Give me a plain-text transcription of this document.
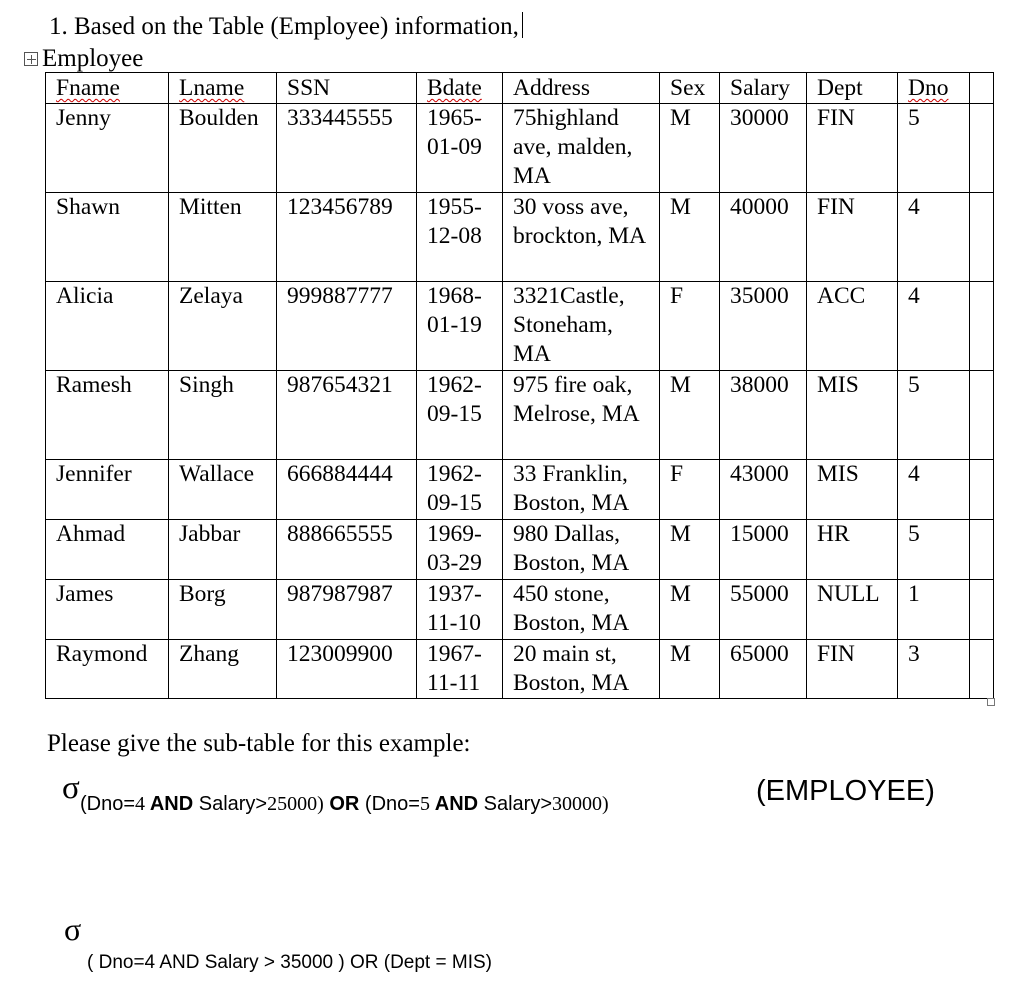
1. Based on the Table (Employee) information,
Employee
Fname	Lname	SSN	Bdate	Address	Sex	Salary	Dept	Dno	
Jenny	Boulden	333445555	1965-01-09	75highland ave, malden, MA	M	30000	FIN	5	
Shawn	Mitten	123456789	1955-12-08	30 voss ave, brockton, MA	M	40000	FIN	4	
Alicia	Zelaya	999887777	1968-01-19	3321Castle, Stoneham, MA	F	35000	ACC	4	
Ramesh	Singh	987654321	1962-09-15	975 fire oak, Melrose, MA	M	38000	MIS	5	
Jennifer	Wallace	666884444	1962-09-15	33 Franklin, Boston, MA	F	43000	MIS	4	
Ahmad	Jabbar	888665555	1969-03-29	980 Dallas, Boston, MA	M	15000	HR	5	
James	Borg	987987987	1937-11-10	450 stone, Boston, MA	M	55000	NULL	1	
Raymond	Zhang	123009900	1967-11-11	20 main st, Boston, MA	M	65000	FIN	3	
Please give the sub-table for this example:
σ (Dno=4 AND Salary>25000) OR (Dno=5 AND Salary>30000)	(EMPLOYEE)
σ
( Dno=4 AND Salary > 35000 ) OR (Dept = MIS)
